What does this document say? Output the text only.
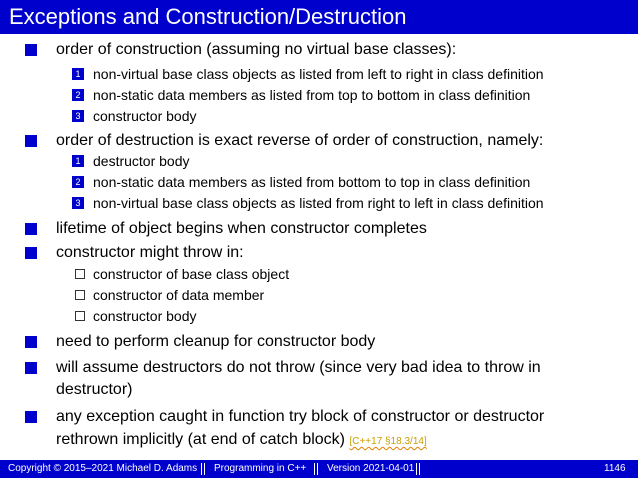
Exceptions and Construction/Destruction
order of construction (assuming no virtual base classes):
1 non-virtual base class objects as listed from left to right in class definition
2 non-static data members as listed from top to bottom in class definition
3 constructor body
order of destruction is exact reverse of order of construction, namely:
1 destructor body
2 non-static data members as listed from bottom to top in class definition
3 non-virtual base class objects as listed from right to left in class definition
lifetime of object begins when constructor completes
constructor might throw in:
constructor of base class object
constructor of data member
constructor body
need to perform cleanup for constructor body
will assume destructors do not throw (since very bad idea to throw in
destructor)
any exception caught in function try block of constructor or destructor
rethrown implicitly (at end of catch block) [C++17 §18.3/14]
Copyright © 2015–2021 Michael D. Adams Programming in C++ Version 2021-04-01	1146
